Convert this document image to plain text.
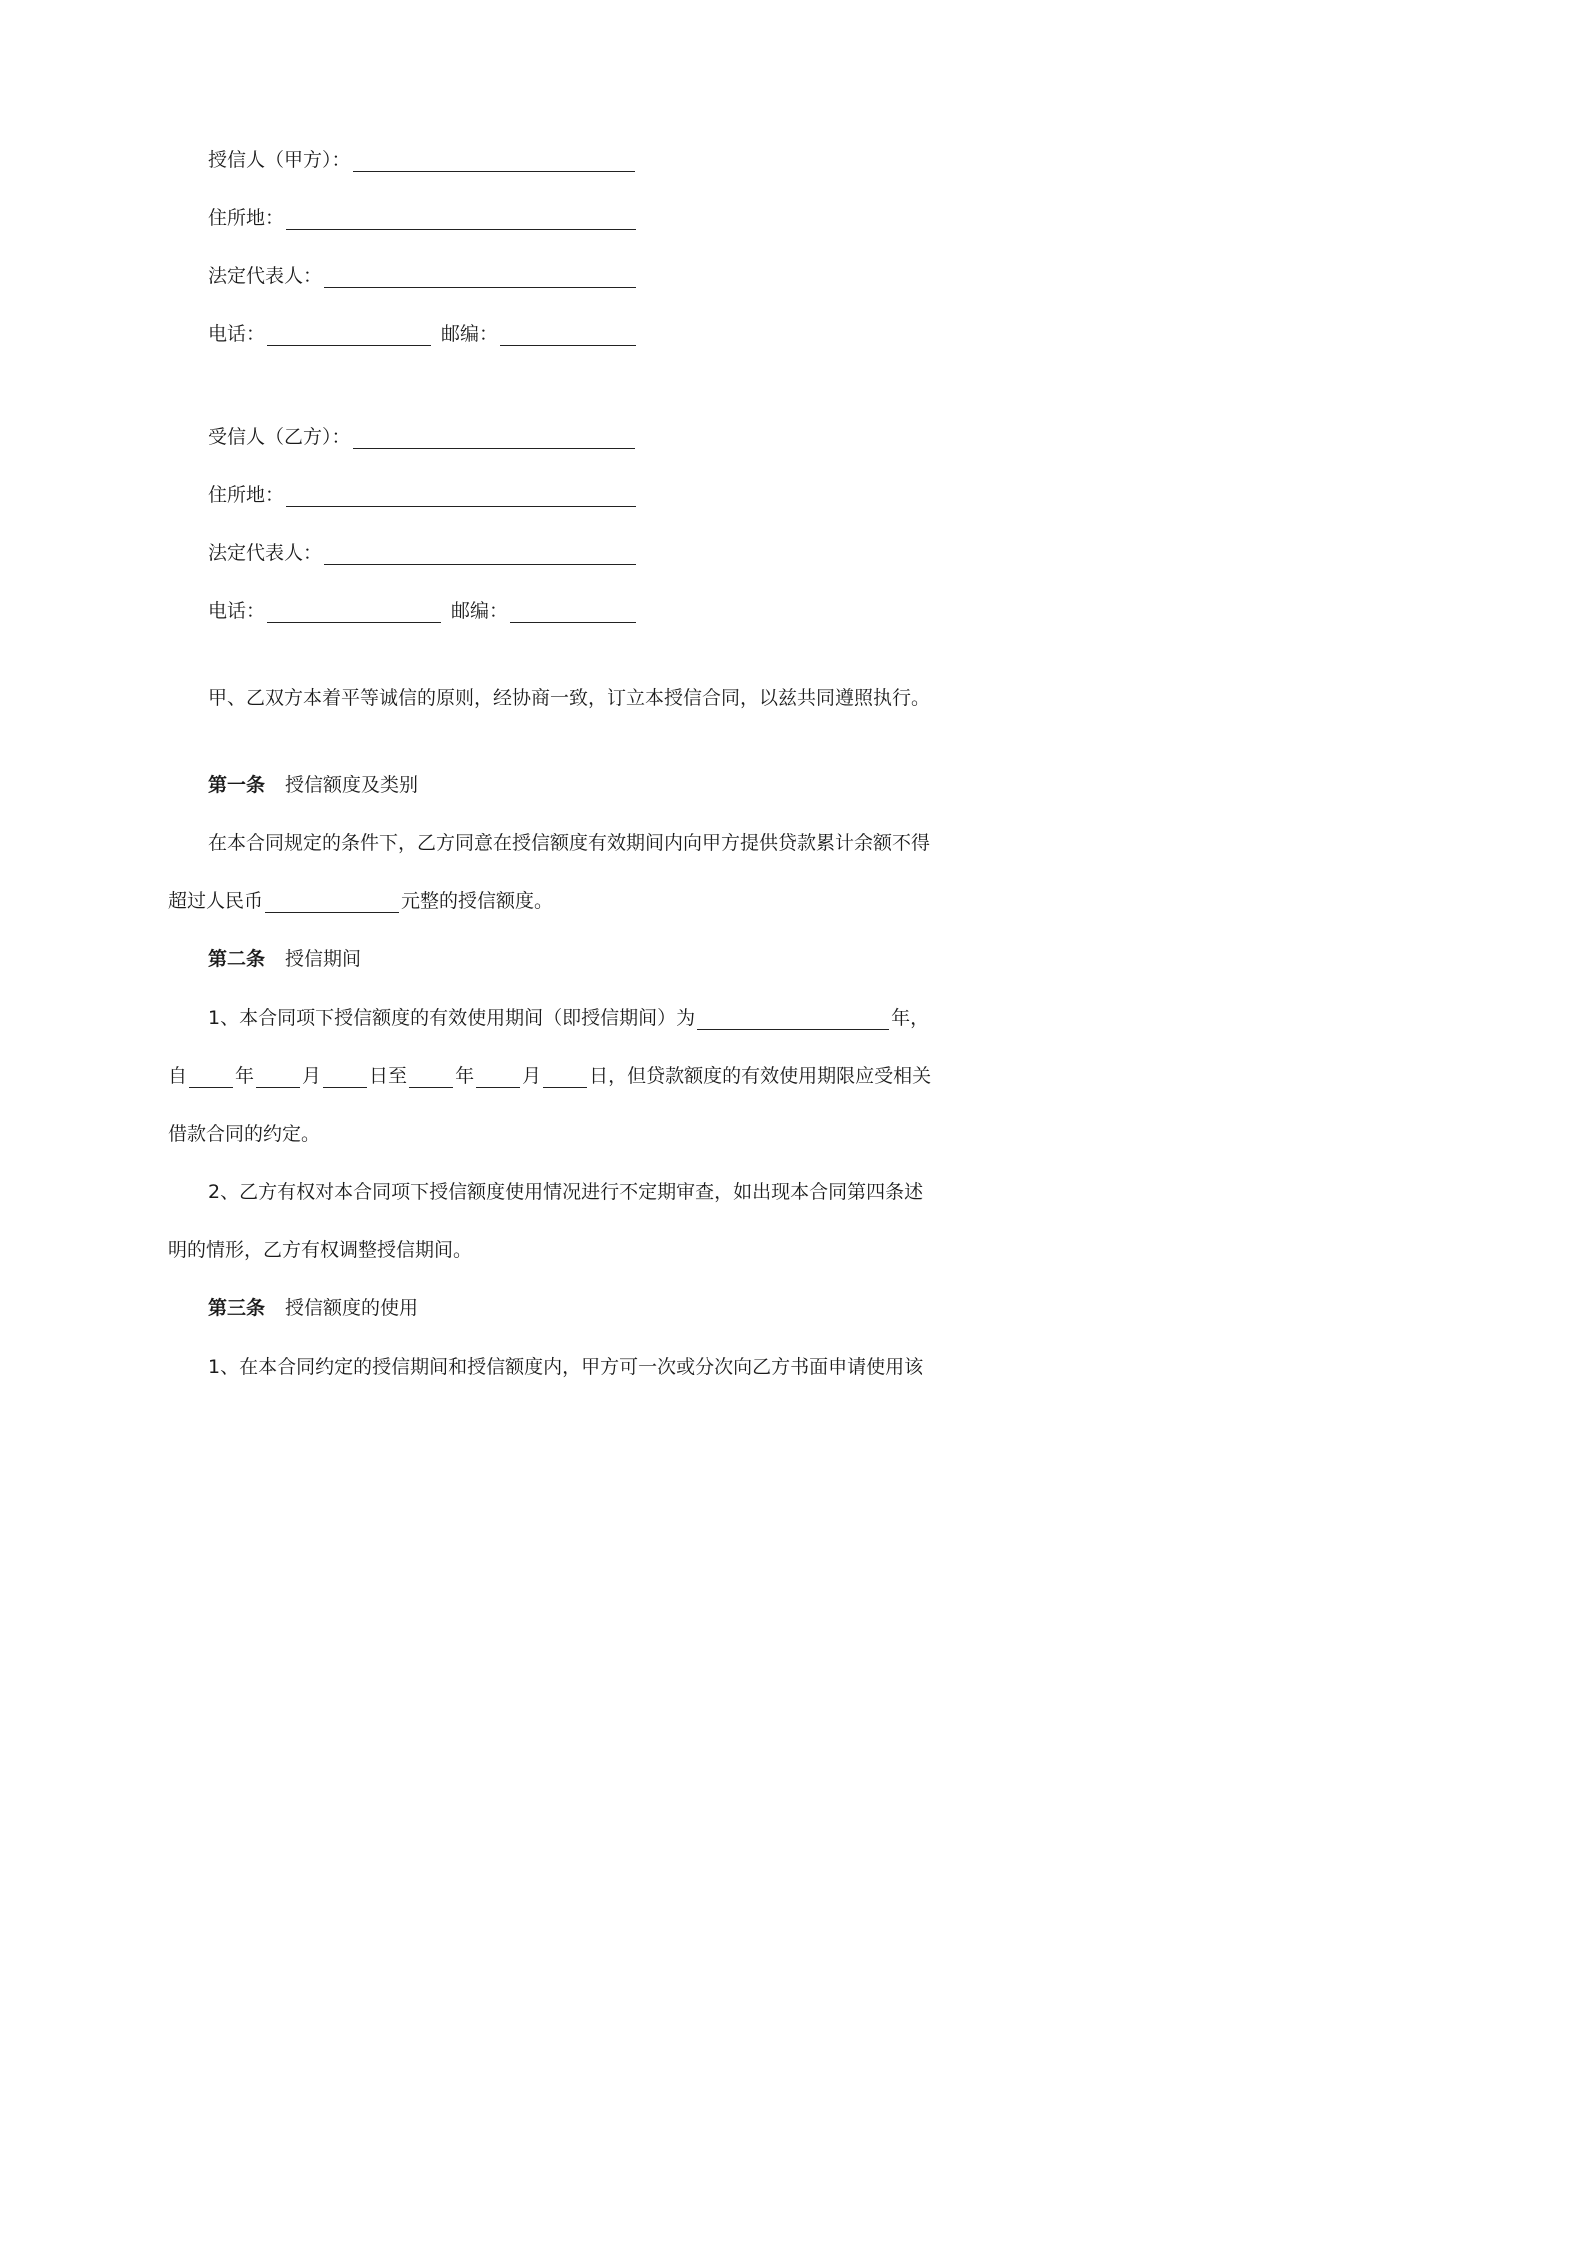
授信人（甲方）：
住所地：
法定代表人：
电话：	邮编：
受信人（乙方）：
住所地：
法定代表人：
电话：	邮编：
甲、乙双方本着平等诚信的原则，经协商一致，订立本授信合同，以兹共同遵照执行。
第一条 授信额度及类别
在本合同规定的条件下，乙方同意在授信额度有效期间内向甲方提供贷款累计余额不得
超过人民币	元整的授信额度。
第二条 授信期间
1、本合同项下授信额度的有效使用期间（即授信期间）为	年，
自	年	月	日至	年	月	日，但贷款额度的有效使用期限应受相关
借款合同的约定。
2、乙方有权对本合同项下授信额度使用情况进行不定期审查，如出现本合同第四条述
明的情形，乙方有权调整授信期间。
第三条 授信额度的使用
1、在本合同约定的授信期间和授信额度内，甲方可一次或分次向乙方书面申请使用该
